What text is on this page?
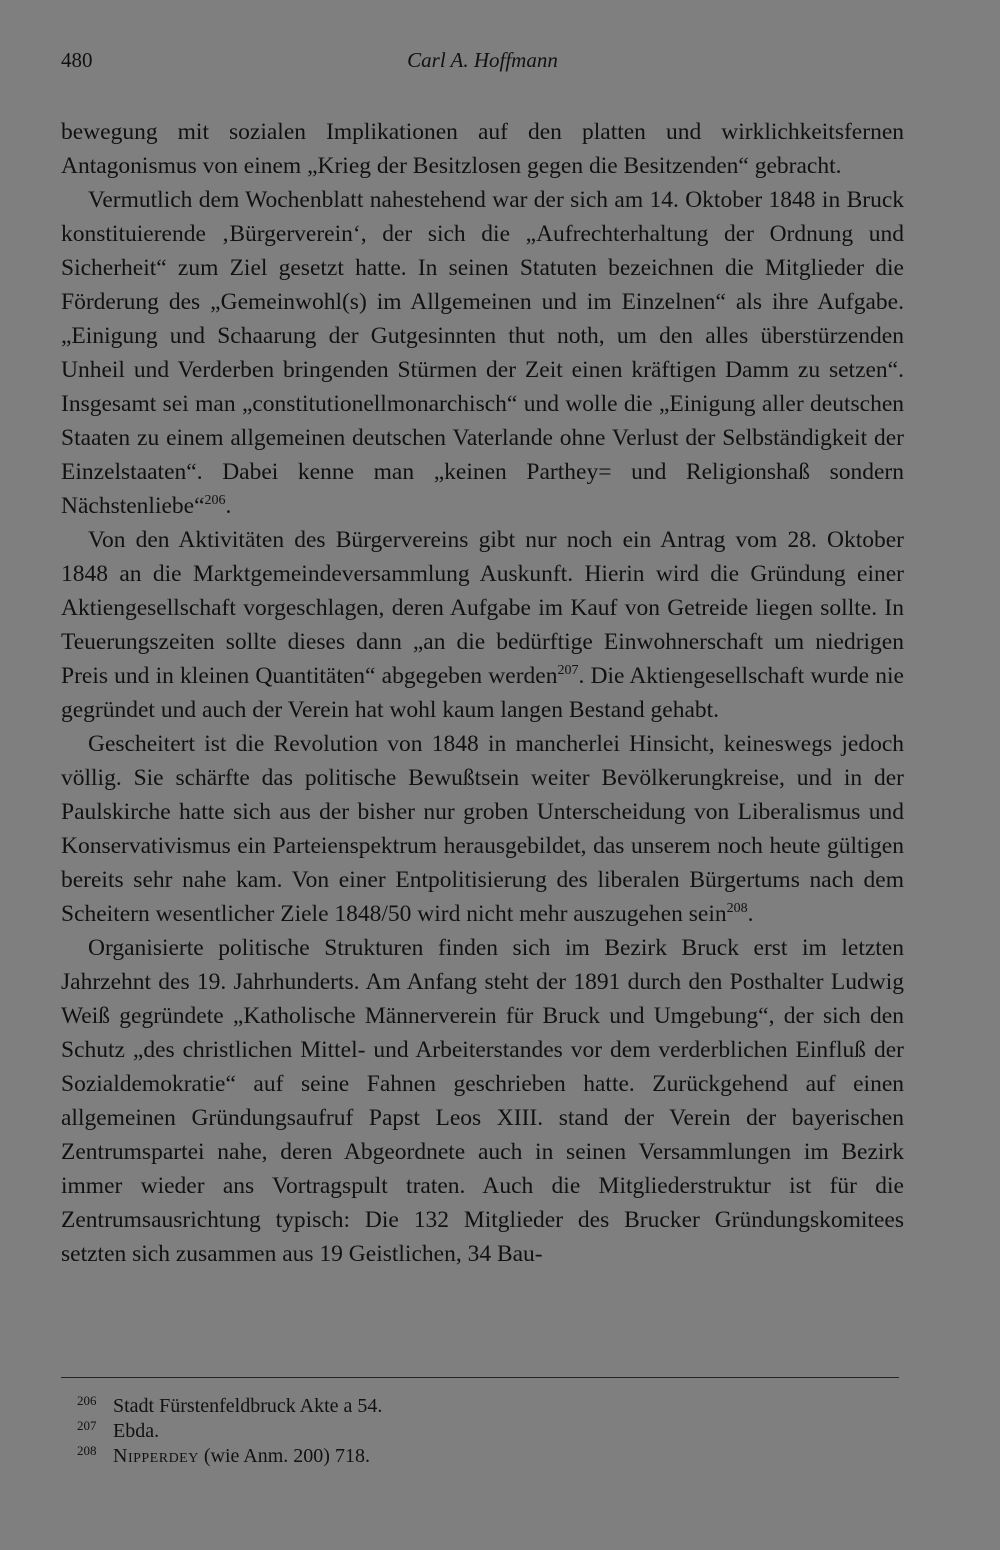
480	Carl A. Hoffmann

bewegung mit sozialen Implikationen auf den platten und wirklichkeitsfernen Antagonismus von einem „Krieg der Besitzlosen gegen die Besitzenden“ gebracht.

Vermutlich dem Wochenblatt nahestehend war der sich am 14. Oktober 1848 in Bruck konstituierende ‚Bürgerverein‘, der sich die „Aufrechterhaltung der Ordnung und Sicherheit“ zum Ziel gesetzt hatte. In seinen Statuten bezeichnen die Mitglieder die Förderung des „Gemeinwohl(s) im Allgemeinen und im Einzelnen“ als ihre Aufgabe. „Einigung und Schaarung der Gutgesinnten thut noth, um den alles überstürzenden Unheil und Verderben bringenden Stürmen der Zeit einen kräftigen Damm zu setzen“. Insgesamt sei man „constitutionellmonarchisch“ und wolle die „Einigung aller deutschen Staaten zu einem allgemeinen deutschen Vaterlande ohne Verlust der Selbständigkeit der Einzelstaaten“. Dabei kenne man „keinen Parthey= und Religionshaß sondern Nächstenliebe“$^{206}$.

Von den Aktivitäten des Bürgervereins gibt nur noch ein Antrag vom 28. Oktober 1848 an die Marktgemeindeversammlung Auskunft. Hierin wird die Gründung einer Aktiengesellschaft vorgeschlagen, deren Aufgabe im Kauf von Getreide liegen sollte. In Teuerungszeiten sollte dieses dann „an die bedürftige Einwohnerschaft um niedrigen Preis und in kleinen Quantitäten“ abgegeben werden$^{207}$. Die Aktiengesellschaft wurde nie gegründet und auch der Verein hat wohl kaum langen Bestand gehabt.

Gescheitert ist die Revolution von 1848 in mancherlei Hinsicht, keineswegs jedoch völlig. Sie schärfte das politische Bewußtsein weiter Bevölkerungkreise, und in der Paulskirche hatte sich aus der bisher nur groben Unterscheidung von Liberalismus und Konservativismus ein Parteienspektrum herausgebildet, das unserem noch heute gültigen bereits sehr nahe kam. Von einer Entpolitisierung des liberalen Bürgertums nach dem Scheitern wesentlicher Ziele 1848/50 wird nicht mehr auszugehen sein$^{208}$.

Organisierte politische Strukturen finden sich im Bezirk Bruck erst im letzten Jahrzehnt des 19. Jahrhunderts. Am Anfang steht der 1891 durch den Posthalter Ludwig Weiß gegründete „Katholische Männerverein für Bruck und Umgebung“, der sich den Schutz „des christlichen Mittel- und Arbeiterstandes vor dem verderblichen Einfluß der Sozialdemokratie“ auf seine Fahnen geschrieben hatte. Zurückgehend auf einen allgemeinen Gründungsaufruf Papst Leos XIII. stand der Verein der bayerischen Zentrumspartei nahe, deren Abgeordnete auch in seinen Versammlungen im Bezirk immer wieder ans Vortragspult traten. Auch die Mitgliederstruktur ist für die Zentrumsausrichtung typisch: Die 132 Mitglieder des Brucker Gründungskomitees setzten sich zusammen aus 19 Geistlichen, 34 Bau-

206 Stadt Fürstenfeldbruck Akte a 54.
207 Ebda.
208 Nipperdey (wie Anm. 200) 718.
